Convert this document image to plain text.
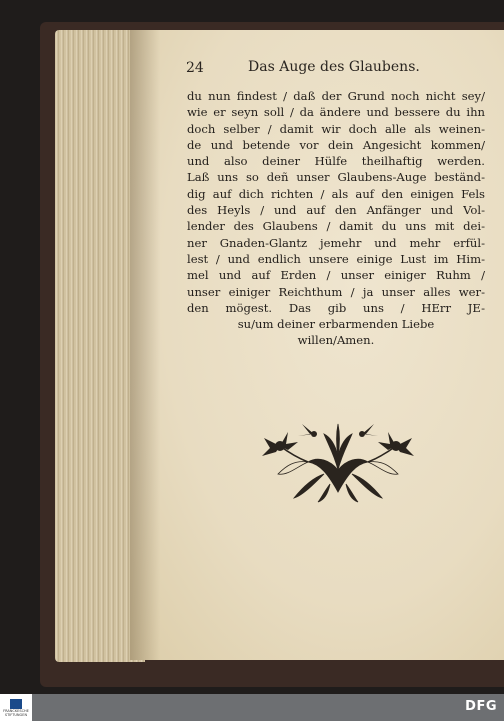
24	Das Auge des Glaubens.
du nun findest / daß der Grund noch nicht sey/
wie er seyn soll / da ändere und bessere du ihn
doch selber / damit wir doch alle als weinen-
de und betende vor dein Angesicht kommen/
und also deiner Hülfe theilhaftig werden.
Laß uns so deñ unser Glaubens-Auge beständ-
dig auf dich richten / als auf den einigen Fels
des Heyls / und auf den Anfänger und Vol-
lender des Glaubens / damit du uns mit dei-
ner Gnaden-Glantz jemehr und mehr erfül-
lest / und endlich unsere einige Lust im Him-
mel und auf Erden / unser einiger Ruhm /
unser einiger Reichthum / ja unser alles wer-
den mögest. Das gib uns / HErr JE-
su/um deiner erbarmenden Liebe
willen/Amen.
FRANCKESCHE STIFTUNGEN
DFG
